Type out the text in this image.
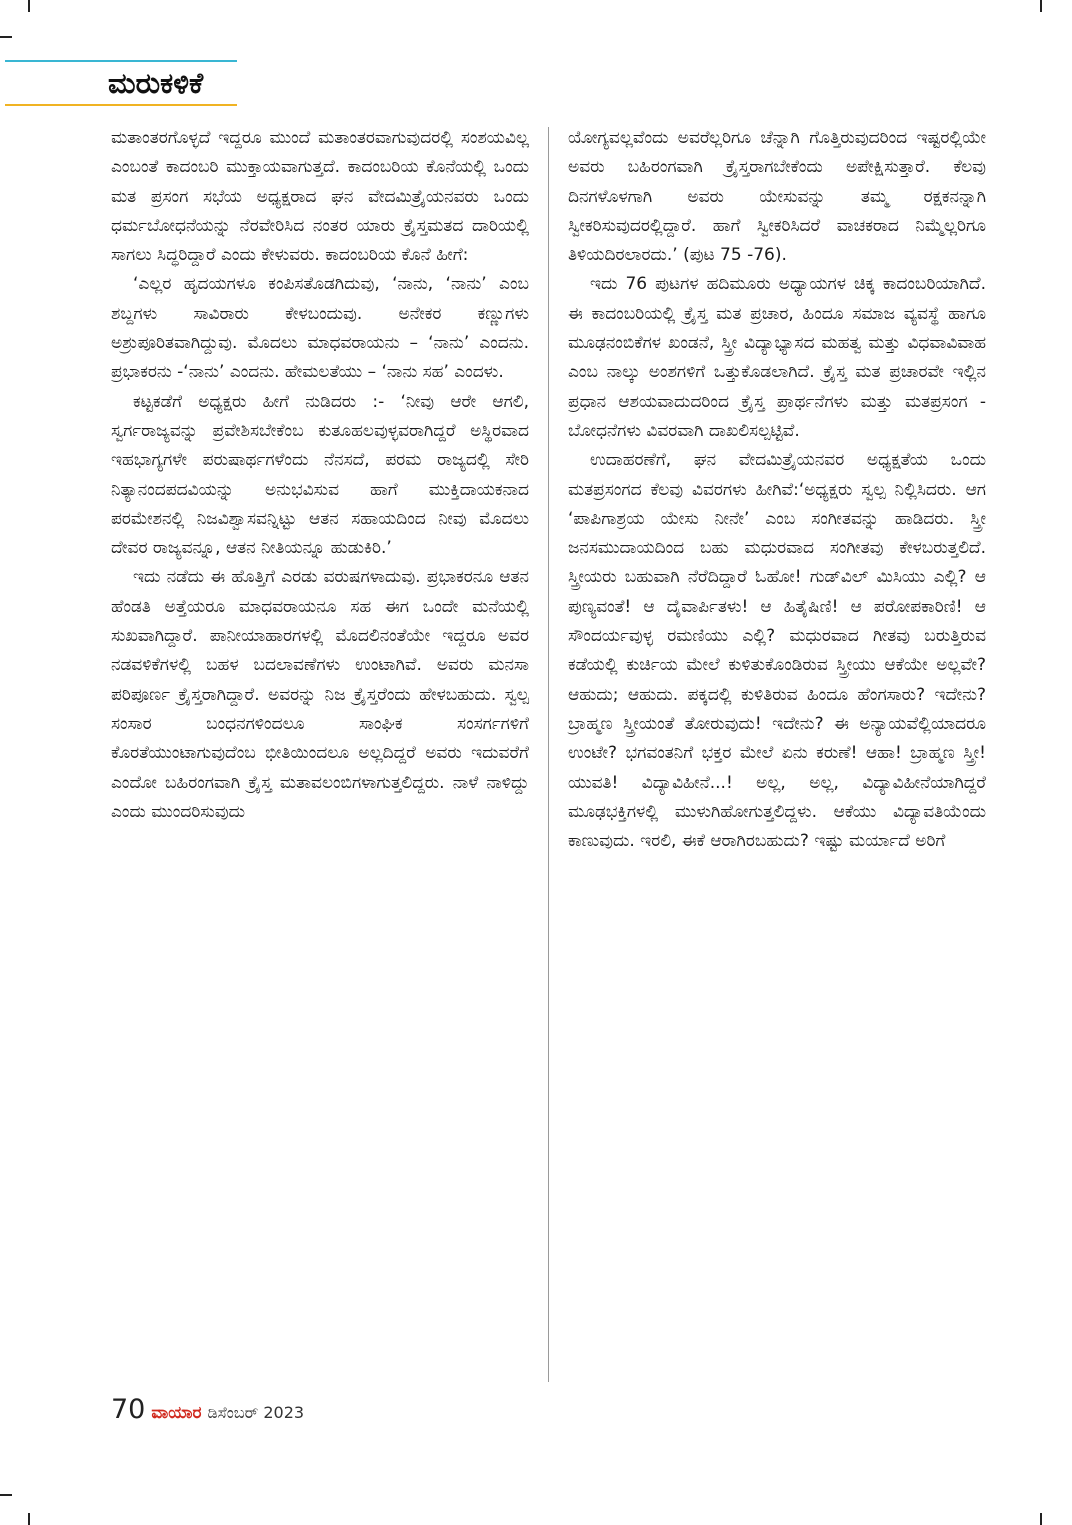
ಮರುಕಳಿಕೆ

ಮತಾಂತರಗೊಳ್ಳದೆ ಇದ್ದರೂ ಮುಂದೆ ಮತಾಂತರವಾಗುವುದರಲ್ಲಿ ಸಂಶಯವಿಲ್ಲ ಎಂಬಂತೆ ಕಾದಂಬರಿ ಮುಕ್ತಾಯವಾಗುತ್ತದೆ. ಕಾದಂಬರಿಯ ಕೊನೆಯಲ್ಲಿ ಒಂದು ಮತ ಪ್ರಸಂಗ ಸಭೆಯ ಅಧ್ಯಕ್ಷರಾದ ಘನ ವೇದಮಿತ್ರೈಯನವರು ಒಂದು ಧರ್ಮಬೋಧನೆಯನ್ನು ನೆರವೇರಿಸಿದ ನಂತರ ಯಾರು ಕ್ರೈಸ್ತಮತದ ದಾರಿಯಲ್ಲಿ ಸಾಗಲು ಸಿದ್ಧರಿದ್ದಾರೆ ಎಂದು ಕೇಳುವರು. ಕಾದಂಬರಿಯ ಕೊನೆ ಹೀಗೆ:

‘ಎಲ್ಲರ ಹೃದಯಗಳೂ ಕಂಪಿಸತೊಡಗಿದುವು, ‘ನಾನು, ‘ನಾನು’ ಎಂಬ ಶಬ್ದಗಳು ಸಾವಿರಾರು ಕೇಳಬಂದುವು. ಅನೇಕರ ಕಣ್ಣುಗಳು ಅಶ್ರುಪೂರಿತವಾಗಿದ್ದುವು. ಮೊದಲು ಮಾಧವರಾಯನು – ‘ನಾನು’ ಎಂದನು. ಪ್ರಭಾಕರನು -‘ನಾನು’ ಎಂದನು. ಹೇಮಲತೆಯು – ‘ನಾನು ಸಹ’ ಎಂದಳು.

ಕಟ್ಟಕಡೆಗೆ ಅಧ್ಯಕ್ಷರು ಹೀಗೆ ನುಡಿದರು :- ‘ನೀವು ಆರೇ ಆಗಲಿ, ಸ್ವರ್ಗರಾಜ್ಯವನ್ನು ಪ್ರವೇಶಿಸಬೇಕೆಂಬ ಕುತೂಹಲವುಳ್ಳವರಾಗಿದ್ದರೆ ಅಸ್ಥಿರವಾದ ಇಹಭಾಗ್ಯಗಳೇ ಪರುಷಾರ್ಥಗಳೆಂದು ನೆನಸದೆ, ಪರಮ ರಾಜ್ಯದಲ್ಲಿ ಸೇರಿ ನಿತ್ಯಾನಂದಪದವಿಯನ್ನು ಅನುಭವಿಸುವ ಹಾಗೆ ಮುಕ್ತಿದಾಯಕನಾದ ಪರಮೇಶನಲ್ಲಿ ನಿಜವಿಶ್ವಾಸವನ್ನಿಟ್ಟು ಆತನ ಸಹಾಯದಿಂದ ನೀವು ಮೊದಲು ದೇವರ ರಾಜ್ಯವನ್ನೂ, ಆತನ ನೀತಿಯನ್ನೂ ಹುಡುಕಿರಿ.’

ಇದು ನಡೆದು ಈ ಹೊತ್ತಿಗೆ ಎರಡು ವರುಷಗಳಾದುವು. ಪ್ರಭಾಕರನೂ ಆತನ ಹೆಂಡತಿ ಅತ್ತೆಯರೂ ಮಾಧವರಾಯನೂ ಸಹ ಈಗ ಒಂದೇ ಮನೆಯಲ್ಲಿ ಸುಖವಾಗಿದ್ದಾರೆ. ಪಾನೀಯಾಹಾರಗಳಲ್ಲಿ ಮೊದಲಿನಂತೆಯೇ ಇದ್ದರೂ ಅವರ ನಡವಳಿಕೆಗಳಲ್ಲಿ ಬಹಳ ಬದಲಾವಣೆಗಳು ಉಂಟಾಗಿವೆ. ಅವರು ಮನಸಾ ಪರಿಪೂರ್ಣ ಕ್ರೈಸ್ತರಾಗಿದ್ದಾರೆ. ಅವರನ್ನು ನಿಜ ಕ್ರೈಸ್ತರೆಂದು ಹೇಳಬಹುದು. ಸ್ವಲ್ಪ ಸಂಸಾರ ಬಂಧನಗಳಿಂದಲೂ ಸಾಂಘಿಕ ಸಂಸರ್ಗಗಳಿಗೆ ಕೊರತೆಯುಂಟಾಗುವುದೆಂಬ ಭೀತಿಯಿಂದಲೂ ಅಲ್ಲದಿದ್ದರೆ ಅವರು ಇದುವರೆಗೆ ಎಂದೋ ಬಹಿರಂಗವಾಗಿ ಕ್ರೈಸ್ತ ಮತಾವಲಂಬಿಗಳಾಗುತ್ತಲಿದ್ದರು. ನಾಳೆ ನಾಳಿದ್ದು ಎಂದು ಮುಂದರಿಸುವುದು

ಯೋಗ್ಯವಲ್ಲವೆಂದು ಅವರೆಲ್ಲರಿಗೂ ಚೆನ್ನಾಗಿ ಗೊತ್ತಿರುವುದರಿಂದ ಇಷ್ಟರಲ್ಲಿಯೇ ಅವರು ಬಹಿರಂಗವಾಗಿ ಕ್ರೈಸ್ತರಾಗಬೇಕೆಂದು ಅಪೇಕ್ಷಿಸುತ್ತಾರೆ. ಕೆಲವು ದಿನಗಳೊಳಗಾಗಿ ಅವರು ಯೇಸುವನ್ನು ತಮ್ಮ ರಕ್ಷಕನನ್ನಾಗಿ ಸ್ವೀಕರಿಸುವುದರಲ್ಲಿದ್ದಾರೆ. ಹಾಗೆ ಸ್ವೀಕರಿಸಿದರೆ ವಾಚಕರಾದ ನಿಮ್ಮೆಲ್ಲರಿಗೂ ತಿಳಿಯದಿರಲಾರದು.’ (ಪುಟ 75 -76).

ಇದು 76 ಪುಟಗಳ ಹದಿಮೂರು ಅಧ್ಯಾಯಗಳ ಚಿಕ್ಕ ಕಾದಂಬರಿಯಾಗಿದೆ. ಈ ಕಾದಂಬರಿಯಲ್ಲಿ ಕ್ರೈಸ್ತ ಮತ ಪ್ರಚಾರ, ಹಿಂದೂ ಸಮಾಜ ವ್ಯವಸ್ಥೆ ಹಾಗೂ ಮೂಢನಂಬಿಕೆಗಳ ಖಂಡನೆ, ಸ್ತ್ರೀ ವಿದ್ಯಾಭ್ಯಾಸದ ಮಹತ್ವ ಮತ್ತು ವಿಧವಾವಿವಾಹ ಎಂಬ ನಾಲ್ಕು ಅಂಶಗಳಿಗೆ ಒತ್ತುಕೊಡಲಾಗಿದೆ. ಕ್ರೈಸ್ತ ಮತ ಪ್ರಚಾರವೇ ಇಲ್ಲಿನ ಪ್ರಧಾನ ಆಶಯವಾದುದರಿಂದ ಕ್ರೈಸ್ತ ಪ್ರಾರ್ಥನೆಗಳು ಮತ್ತು ಮತಪ್ರಸಂಗ - ಬೋಧನೆಗಳು ವಿವರವಾಗಿ ದಾಖಲಿಸಲ್ಪಟ್ಟಿವೆ.

ಉದಾಹರಣೆಗೆ, ಘನ ವೇದಮಿತ್ರೈಯನವರ ಅಧ್ಯಕ್ಷತೆಯ ಒಂದು ಮತಪ್ರಸಂಗದ ಕೆಲವು ವಿವರಗಳು ಹೀಗಿವೆ:‘ಅಧ್ಯಕ್ಷರು ಸ್ವಲ್ಪ ನಿಲ್ಲಿಸಿದರು. ಆಗ ‘ಪಾಪಿಗಾಶ್ರಯ ಯೇಸು ನೀನೇ’ ಎಂಬ ಸಂಗೀತವನ್ನು ಹಾಡಿದರು. ಸ್ತ್ರೀ ಜನಸಮುದಾಯದಿಂದ ಬಹು ಮಧುರವಾದ ಸಂಗೀತವು ಕೇಳಬರುತ್ತಲಿದೆ. ಸ್ತ್ರೀಯರು ಬಹುವಾಗಿ ನೆರೆದಿದ್ದಾರೆ ಓಹೋ! ಗುಡ್‌ವಿಲ್ ಮಿಸಿಯು ಎಲ್ಲಿ? ಆ ಪುಣ್ಯವಂತೆ! ಆ ದೈವಾರ್ಪಿತಳು! ಆ ಹಿತೈಷಿಣಿ! ಆ ಪರೋಪಕಾರಿಣಿ! ಆ ಸೌಂದರ್ಯವುಳ್ಳ ರಮಣಿಯು ಎಲ್ಲಿ? ಮಧುರವಾದ ಗೀತವು ಬರುತ್ತಿರುವ ಕಡೆಯಲ್ಲಿ ಕುರ್ಚಿಯ ಮೇಲೆ ಕುಳಿತುಕೊಂಡಿರುವ ಸ್ತ್ರೀಯು ಆಕೆಯೇ ಅಲ್ಲವೇ? ಆಹುದು; ಆಹುದು. ಪಕ್ಕದಲ್ಲಿ ಕುಳಿತಿರುವ ಹಿಂದೂ ಹೆಂಗಸಾರು? ಇದೇನು? ಬ್ರಾಹ್ಮಣ ಸ್ತ್ರೀಯಂತೆ ತೋರುವುದು! ಇದೇನು? ಈ ಅನ್ಯಾಯವೆಲ್ಲಿಯಾದರೂ ಉಂಟೇ? ಭಗವಂತನಿಗೆ ಭಕ್ತರ ಮೇಲೆ ಏನು ಕರುಣೆ! ಆಹಾ! ಬ್ರಾಹ್ಮಣ ಸ್ತ್ರೀ! ಯುವತಿ! ವಿದ್ಯಾವಿಹೀನೆ...! ಅಲ್ಲ, ಅಲ್ಲ, ವಿದ್ಯಾವಿಹೀನೆಯಾಗಿದ್ದರೆ ಮೂಢಭಕ್ತಿಗಳಲ್ಲಿ ಮುಳುಗಿಹೋಗುತ್ತಲಿದ್ದಳು. ಆಕೆಯು ವಿದ್ಯಾವತಿಯೆಂದು ಕಾಣುವುದು. ಇರಲಿ, ಈಕೆ ಆರಾಗಿರಬಹುದು? ಇಷ್ಟು ಮರ್ಯಾದೆ ಅರಿಗೆ

70 ವಾಯಾರ ಡಿಸೆಂಬರ್ 2023
